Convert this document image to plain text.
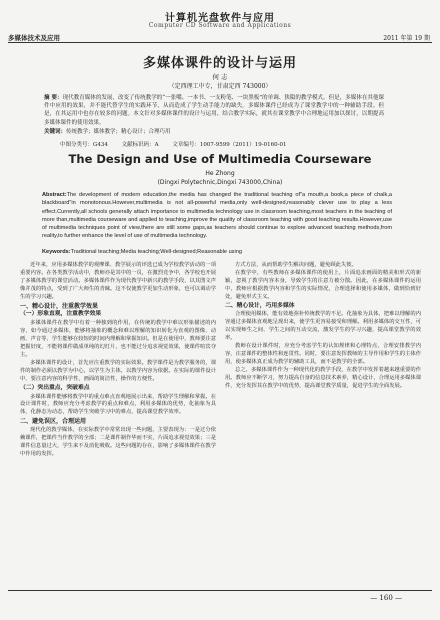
计算机光盘软件与应用
Computer CD Software and Applications
多媒体技术及应用	2011 年第 19 期
多媒体课件的设计与运用
何 志
（定西理工中专，甘肃定西 743000）
摘 要：现代教育媒体的发展，改变了传统教学的“一张嘴、一本书、一支粉笔、一块黑板”的单调、狭隘的教学模式。但是，多媒体在其他课件中应用的效果，并不能代替学生的实践环节，从而造成了学生动手能力的缺失。多媒体课件已经成为了课堂教学中的一种辅助手段。但是，在其运用中也存在较多的问题。本文针对多媒体课件的设计与运用，结合教学实际，就其在课堂教学中合理地运用加以探讨，以期提高多媒体课件的使用效果。
关键词：传统教学；媒体教学；精心设计；合理巧用
中图分类号：G434	文献标识码：A	文章编号：1007-9599（2011）19-0160-01
The Design and Use of Multimedia Courseware
He Zhong
(Dingxi Polytechnic,Dingxi 743000,China)
Abstract:The development of modern education,the media has changed the traditional teaching of"a mouth,a book,a piece of chalk,a blackboard"in monotonous.However,multimedia is not all-powerful media,only well-designed,reasonably clever use to play a less effect.Currently,all schools generally attach importance to multimedia technology use in classroom teaching,most teachers in the teaching of more than,multimedia courseware and applied to teaching,improve the quality of classroom teaching with good teaching results.However,use of multimedia techniques point of view,there are still some gaps,as teachers should continue to explore advanced teaching methods,from reality,to further enhance the level of use of multimedia technology.
Keywords:Traditional teaching;Media teaching;Well-designed;Reasonable using

近年来，应用多媒体教学的观摩课、教学展示的评选已成为学校教学活动的一项重要内容。在各类教学活动中，教师亦是其中的一员，在激烈竞争中，各学校也开展了多媒体教学的课堂活动。多媒体课件作为现代教学中新兴的教学手段，以其图文声像并茂的特点，受到了广大师生的青睐。这不仅使教学更加生动形象，也可以调动学生的学习兴趣。

一、精心设计，注重教学效果
（一）形象直观，注重教学效果

多媒体课件在教学中有着一种独到的作用，在传统的教学中难以形象描述的内容，如今通过多媒体，能够将抽象的概念和难以理解的知识转化为直观的图像、动画、声音等，学生能够在较短的时间内理解和掌握知识。但是在使用中，教师要注意把握好度，不能将课件做成单纯的幻灯片，也不能过分追求视觉效果，使课件喧宾夺主。

多媒体课件的设计，首先应注重教学的实际效果。教学课件是为教学服务的，课件的制作必须以教学为中心，以学生为主体，以教学内容为依据。在实际的课件设计中，要注意内容的科学性，画面的简洁性，操作的方便性。

（二）突出重点，突破难点

多媒体课件能够将教学中的重点难点直观地展示出来，帮助学生理解和掌握。在设计课件时，教师应充分考虑教学的重点和难点，利用多媒体的优势，化抽象为具体，化静态为动态，帮助学生突破学习中的难点，提高课堂教学效率。

二、避免误区，合理运用

现代化的教学媒体，在实际教学中常常出现一些问题，主要表现为：一是过分依赖课件，把课件当作教学的全部；二是课件制作华而不实，片面追求视觉效果；三是课件信息量过大，学生来不及消化吸收。这些问题的存在，影响了多媒体课件在教学中作用的发挥。

方式方法，从而帮助学生解决问题，避免顾此失彼。

在教学中，有些教师在多媒体课件的使用上，片面追求画面的精美和形式的新颖，忽视了教学内容本身，导致学生的注意力被分散。因此，在多媒体课件的运用中，教师应根据教学内容和学生的实际情况，合理选择和使用多媒体，做到恰到好处，避免形式主义。

二、精心设计，巧用多媒体

合理使用媒体，能有效地弥补传统教学的不足。化抽象为具体，把难以理解的内容通过多媒体直观地呈现出来，使学生更容易接受和理解。利用多媒体的交互性，可以实现师生之间、学生之间的互动交流，激发学生的学习兴趣，提高课堂教学的效率。

教师在设计课件时，应充分考虑学生的认知规律和心理特点，合理安排教学内容，注意课件的整体性和连贯性。同时，要注意发挥教师的主导作用和学生的主体作用，使多媒体真正成为教学的辅助工具，而不是教学的全部。

总之，多媒体课件作为一种现代化的教学手段，在教学中发挥着越来越重要的作用。教师应不断学习，努力提高自身的信息技术素养，精心设计，合理运用多媒体课件，充分发挥其在教学中的优势，提高课堂教学质量，促进学生的全面发展。

— 160 —
